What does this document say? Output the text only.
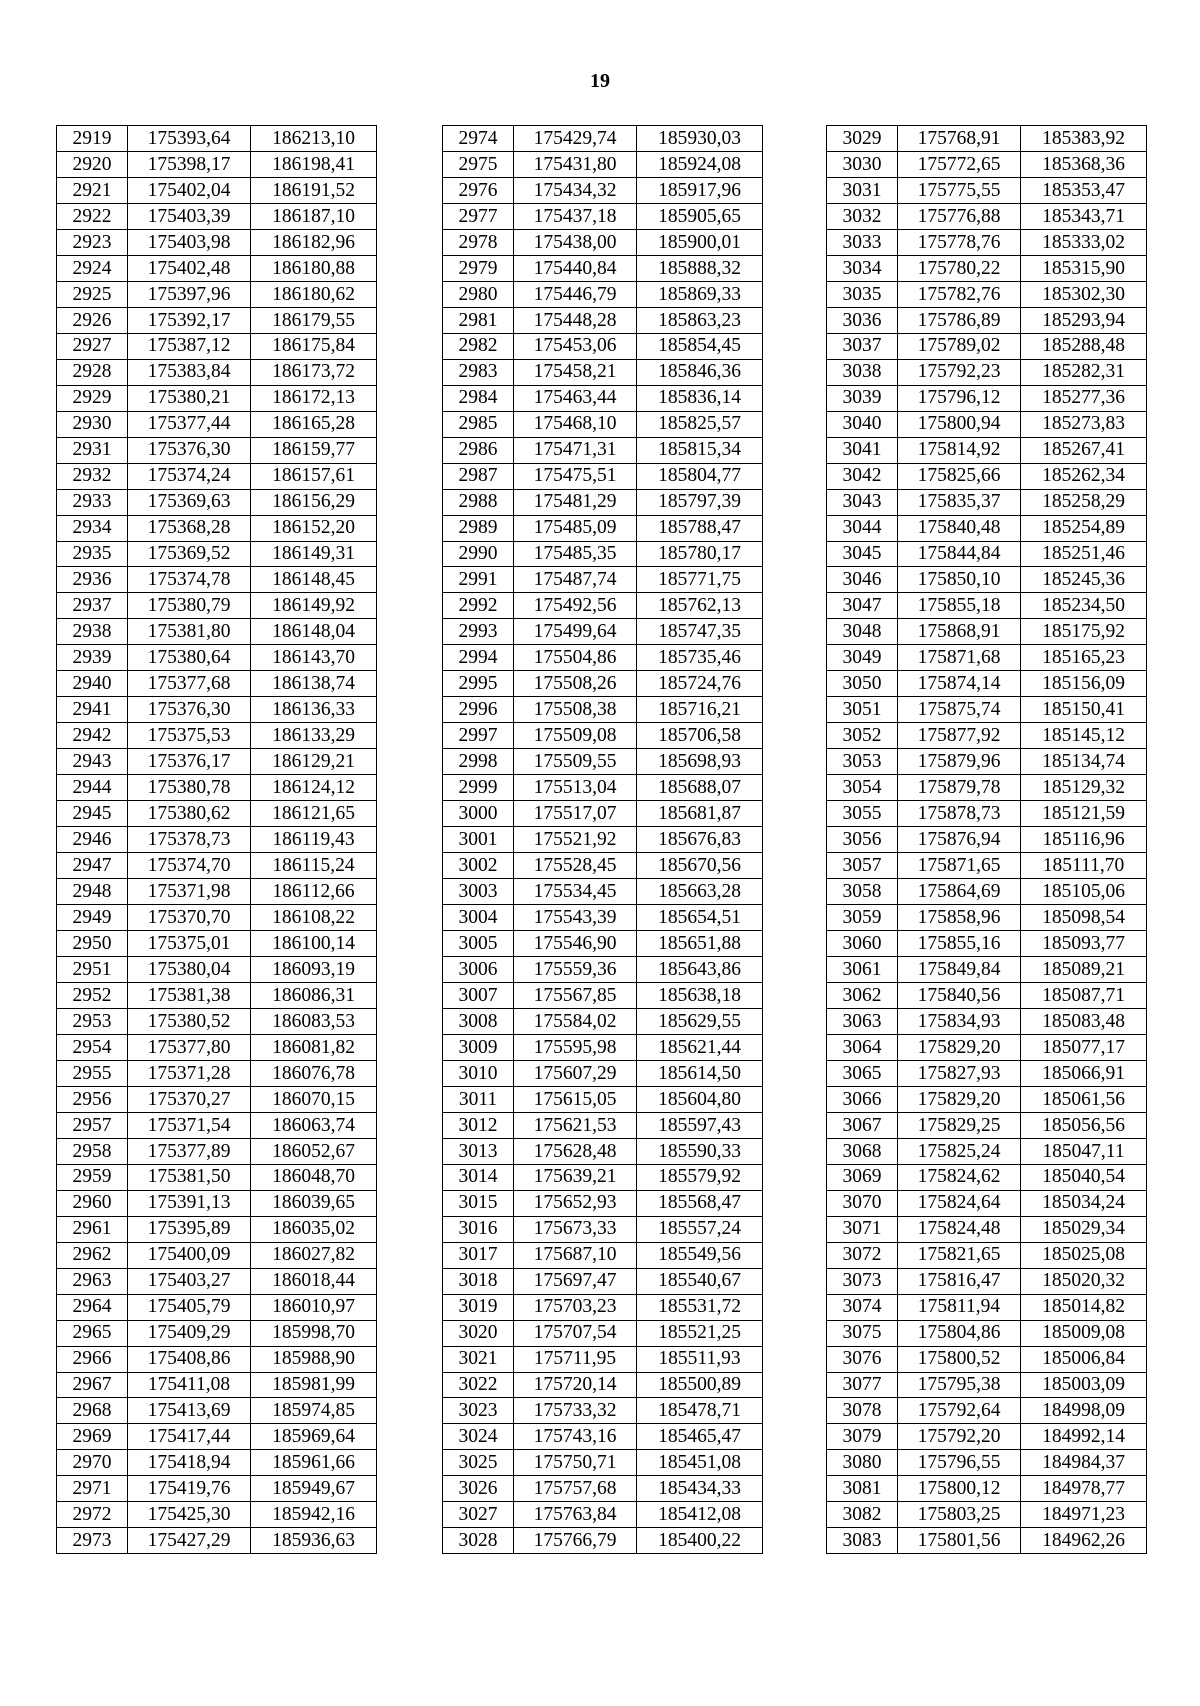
19
2919	175393,64	186213,10
2920	175398,17	186198,41
2921	175402,04	186191,52
2922	175403,39	186187,10
2923	175403,98	186182,96
2924	175402,48	186180,88
2925	175397,96	186180,62
2926	175392,17	186179,55
2927	175387,12	186175,84
2928	175383,84	186173,72
2929	175380,21	186172,13
2930	175377,44	186165,28
2931	175376,30	186159,77
2932	175374,24	186157,61
2933	175369,63	186156,29
2934	175368,28	186152,20
2935	175369,52	186149,31
2936	175374,78	186148,45
2937	175380,79	186149,92
2938	175381,80	186148,04
2939	175380,64	186143,70
2940	175377,68	186138,74
2941	175376,30	186136,33
2942	175375,53	186133,29
2943	175376,17	186129,21
2944	175380,78	186124,12
2945	175380,62	186121,65
2946	175378,73	186119,43
2947	175374,70	186115,24
2948	175371,98	186112,66
2949	175370,70	186108,22
2950	175375,01	186100,14
2951	175380,04	186093,19
2952	175381,38	186086,31
2953	175380,52	186083,53
2954	175377,80	186081,82
2955	175371,28	186076,78
2956	175370,27	186070,15
2957	175371,54	186063,74
2958	175377,89	186052,67
2959	175381,50	186048,70
2960	175391,13	186039,65
2961	175395,89	186035,02
2962	175400,09	186027,82
2963	175403,27	186018,44
2964	175405,79	186010,97
2965	175409,29	185998,70
2966	175408,86	185988,90
2967	175411,08	185981,99
2968	175413,69	185974,85
2969	175417,44	185969,64
2970	175418,94	185961,66
2971	175419,76	185949,67
2972	175425,30	185942,16
2973	175427,29	185936,63
2974	175429,74	185930,03
2975	175431,80	185924,08
2976	175434,32	185917,96
2977	175437,18	185905,65
2978	175438,00	185900,01
2979	175440,84	185888,32
2980	175446,79	185869,33
2981	175448,28	185863,23
2982	175453,06	185854,45
2983	175458,21	185846,36
2984	175463,44	185836,14
2985	175468,10	185825,57
2986	175471,31	185815,34
2987	175475,51	185804,77
2988	175481,29	185797,39
2989	175485,09	185788,47
2990	175485,35	185780,17
2991	175487,74	185771,75
2992	175492,56	185762,13
2993	175499,64	185747,35
2994	175504,86	185735,46
2995	175508,26	185724,76
2996	175508,38	185716,21
2997	175509,08	185706,58
2998	175509,55	185698,93
2999	175513,04	185688,07
3000	175517,07	185681,87
3001	175521,92	185676,83
3002	175528,45	185670,56
3003	175534,45	185663,28
3004	175543,39	185654,51
3005	175546,90	185651,88
3006	175559,36	185643,86
3007	175567,85	185638,18
3008	175584,02	185629,55
3009	175595,98	185621,44
3010	175607,29	185614,50
3011	175615,05	185604,80
3012	175621,53	185597,43
3013	175628,48	185590,33
3014	175639,21	185579,92
3015	175652,93	185568,47
3016	175673,33	185557,24
3017	175687,10	185549,56
3018	175697,47	185540,67
3019	175703,23	185531,72
3020	175707,54	185521,25
3021	175711,95	185511,93
3022	175720,14	185500,89
3023	175733,32	185478,71
3024	175743,16	185465,47
3025	175750,71	185451,08
3026	175757,68	185434,33
3027	175763,84	185412,08
3028	175766,79	185400,22
3029	175768,91	185383,92
3030	175772,65	185368,36
3031	175775,55	185353,47
3032	175776,88	185343,71
3033	175778,76	185333,02
3034	175780,22	185315,90
3035	175782,76	185302,30
3036	175786,89	185293,94
3037	175789,02	185288,48
3038	175792,23	185282,31
3039	175796,12	185277,36
3040	175800,94	185273,83
3041	175814,92	185267,41
3042	175825,66	185262,34
3043	175835,37	185258,29
3044	175840,48	185254,89
3045	175844,84	185251,46
3046	175850,10	185245,36
3047	175855,18	185234,50
3048	175868,91	185175,92
3049	175871,68	185165,23
3050	175874,14	185156,09
3051	175875,74	185150,41
3052	175877,92	185145,12
3053	175879,96	185134,74
3054	175879,78	185129,32
3055	175878,73	185121,59
3056	175876,94	185116,96
3057	175871,65	185111,70
3058	175864,69	185105,06
3059	175858,96	185098,54
3060	175855,16	185093,77
3061	175849,84	185089,21
3062	175840,56	185087,71
3063	175834,93	185083,48
3064	175829,20	185077,17
3065	175827,93	185066,91
3066	175829,20	185061,56
3067	175829,25	185056,56
3068	175825,24	185047,11
3069	175824,62	185040,54
3070	175824,64	185034,24
3071	175824,48	185029,34
3072	175821,65	185025,08
3073	175816,47	185020,32
3074	175811,94	185014,82
3075	175804,86	185009,08
3076	175800,52	185006,84
3077	175795,38	185003,09
3078	175792,64	184998,09
3079	175792,20	184992,14
3080	175796,55	184984,37
3081	175800,12	184978,77
3082	175803,25	184971,23
3083	175801,56	184962,26
